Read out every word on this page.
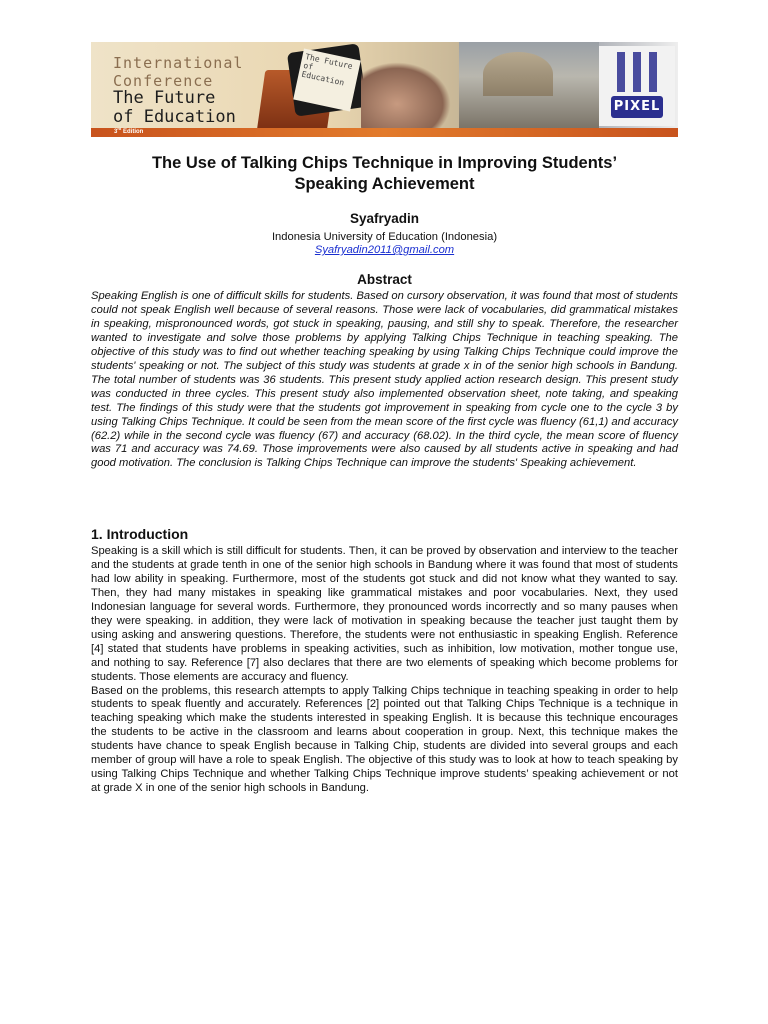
International
Conference
The Future
of Education
The Future of Education
PIXEL
3rd Edition
The Use of Talking Chips Technique in Improving Students’
Speaking Achievement
Syafryadin
Indonesia University of Education (Indonesia)
Syafryadin2011@gmail.com
Abstract
Speaking English is one of difficult skills for students. Based on cursory observation, it was found that most of students could not speak English well because of several reasons. Those were lack of vocabularies, did grammatical mistakes in speaking, mispronounced words, got stuck in speaking, pausing, and still shy to speak. Therefore, the researcher wanted to investigate and solve those problems by applying Talking Chips Technique in teaching speaking. The objective of this study was to find out whether teaching speaking by using Talking Chips Technique could improve the students' speaking or not. The subject of this study was students at grade x in of the senior high schools in Bandung. The total number of students was 36 students. This present study applied action research design. This present study was conducted in three cycles. This present study also implemented observation sheet, note taking, and speaking test. The findings of this study were that the students got improvement in speaking from cycle one to the cycle 3 by using Talking Chips Technique. It could be seen from the mean score of the first cycle was fluency (61,1) and accuracy (62.2) while in the second cycle was fluency (67) and accuracy (68.02). In the third cycle, the mean score of fluency was 71 and accuracy was 74.69. Those improvements were also caused by all students active in speaking and had good motivation. The conclusion is Talking Chips Technique can improve the students' Speaking achievement.
1. Introduction

Speaking is a skill which is still difficult for students. Then, it can be proved by observation and interview to the teacher and the students at grade tenth in one of the senior high schools in Bandung where it was found that most of students had low ability in speaking. Furthermore, most of the students got stuck and did not know what they wanted to say. Then, they had many mistakes in speaking like grammatical mistakes and poor vocabularies. Next, they used Indonesian language for several words. Furthermore, they pronounced words incorrectly and so many pauses when they were speaking. in addition, they were lack of motivation in speaking because the teacher just taught them by using asking and answering questions. Therefore, the students were not enthusiastic in speaking English. Reference [4] stated that students have problems in speaking activities, such as inhibition, low motivation, mother tongue use, and nothing to say. Reference [7] also declares that there are two elements of speaking which become problems for students. Those elements are accuracy and fluency.

Based on the problems, this research attempts to apply Talking Chips technique in teaching speaking in order to help students to speak fluently and accurately. References [2] pointed out that Talking Chips Technique is a technique in teaching speaking which make the students interested in speaking English. It is because this technique encourages the students to be active in the classroom and learns about cooperation in group. Next, this technique makes the students have chance to speak English because in Talking Chip, students are divided into several groups and each member of group will have a role to speak English. The objective of this study was to look at how to teach speaking by using Talking Chips Technique and whether Talking Chips Technique improve students’ speaking achievement or not at grade X in one of the senior high schools in Bandung.
